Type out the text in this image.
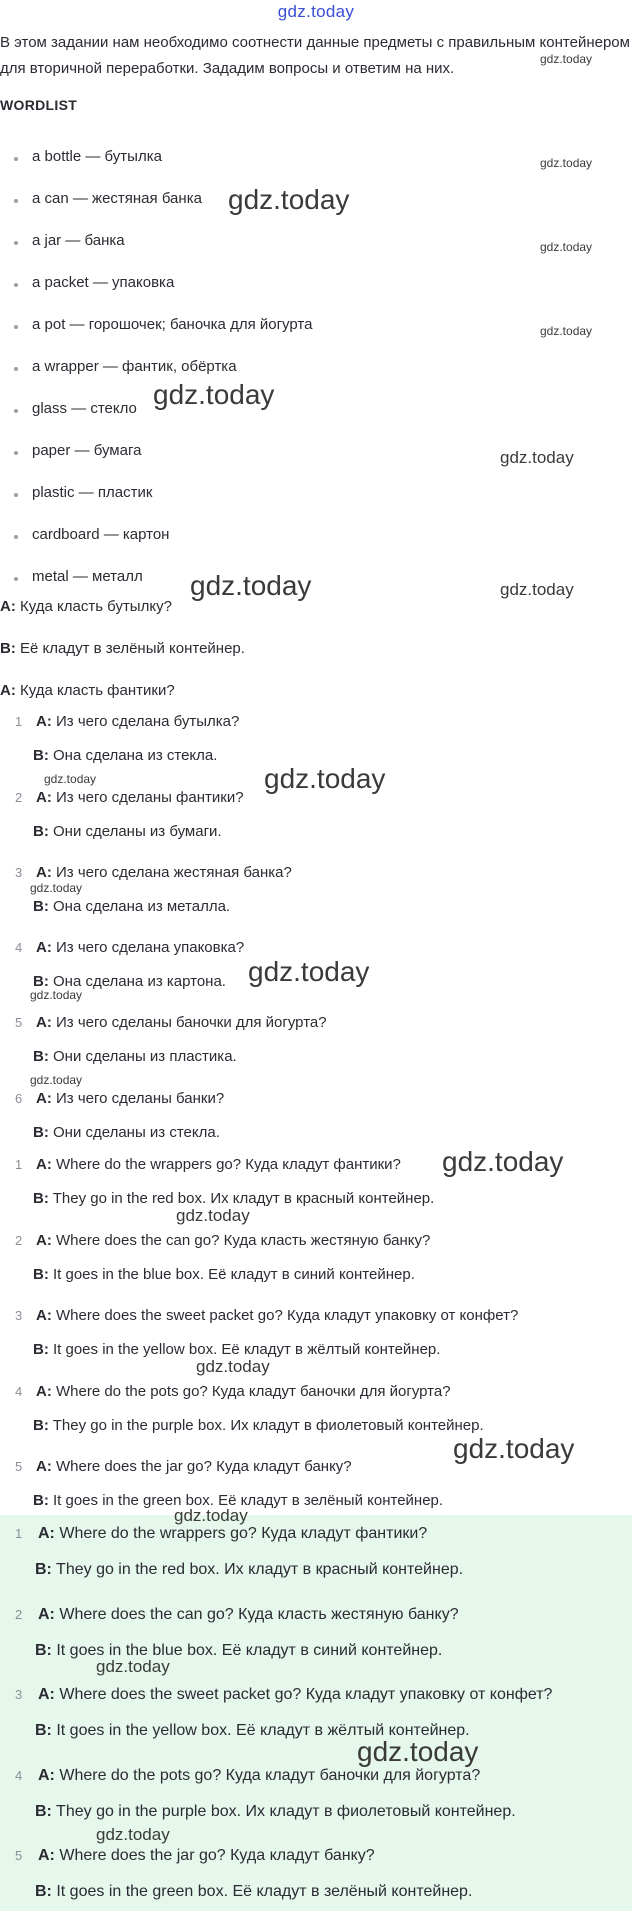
gdz.today
В этом задании нам необходимо соотнести данные предметы с правильным контейнером для вторичной переработки. Зададим вопросы и ответим на них.
WORDLIST
a bottle — бутылка
a can — жестяная банка
a jar — банка
a packet — упаковка
a pot — горошочек; баночка для йогурта
a wrapper — фантик, обёртка
glass — стекло
paper — бумага
plastic — пластик
cardboard — картон
metal — металл
A: Куда класть бутылку?
B: Её кладут в зелёный контейнер.
A: Куда класть фантики?
1 A: Из чего сделана бутылка?
B: Она сделана из стекла.
2 A: Из чего сделаны фантики?
B: Они сделаны из бумаги.
3 A: Из чего сделана жестяная банка?
B: Она сделана из металла.
4 A: Из чего сделана упаковка?
B: Она сделана из картона.
5 A: Из чего сделаны баночки для йогурта?
B: Они сделаны из пластика.
6 A: Из чего сделаны банки?
B: Они сделаны из стекла.
1 A: Where do the wrappers go? Куда кладут фантики?
B: They go in the red box. Их кладут в красный контейнер.
2 A: Where does the can go? Куда класть жестяную банку?
B: It goes in the blue box. Её кладут в синий контейнер.
3 A: Where does the sweet packet go? Куда кладут упаковку от конфет?
B: It goes in the yellow box. Её кладут в жёлтый контейнер.
4 A: Where do the pots go? Куда кладут баночки для йогурта?
B: They go in the purple box. Их кладут в фиолетовый контейнер.
5 A: Where does the jar go? Куда кладут банку?
B: It goes in the green box. Её кладут в зелёный контейнер.
1 A: Where do the wrappers go? Куда кладут фантики?
B: They go in the red box. Их кладут в красный контейнер.
2 A: Where does the can go? Куда класть жестяную банку?
B: It goes in the blue box. Её кладут в синий контейнер.
3 A: Where does the sweet packet go? Куда кладут упаковку от конфет?
B: It goes in the yellow box. Её кладут в жёлтый контейнер.
4 A: Where do the pots go? Куда кладут баночки для йогурта?
B: They go in the purple box. Их кладут в фиолетовый контейнер.
5 A: Where does the jar go? Куда кладут банку?
B: It goes in the green box. Её кладут в зелёный контейнер.
gdz.today
gdz.today
gdz.today
gdz.today
gdz.today
gdz.today
gdz.today
gdz.today	gdz.today
gdz.today	gdz.today
gdz.today
gdz.today
gdz.today
gdz.today
gdz.today
gdz.today
gdz.today
gdz.today
gdz.today
gdz.today
gdz.today
gdz.today
